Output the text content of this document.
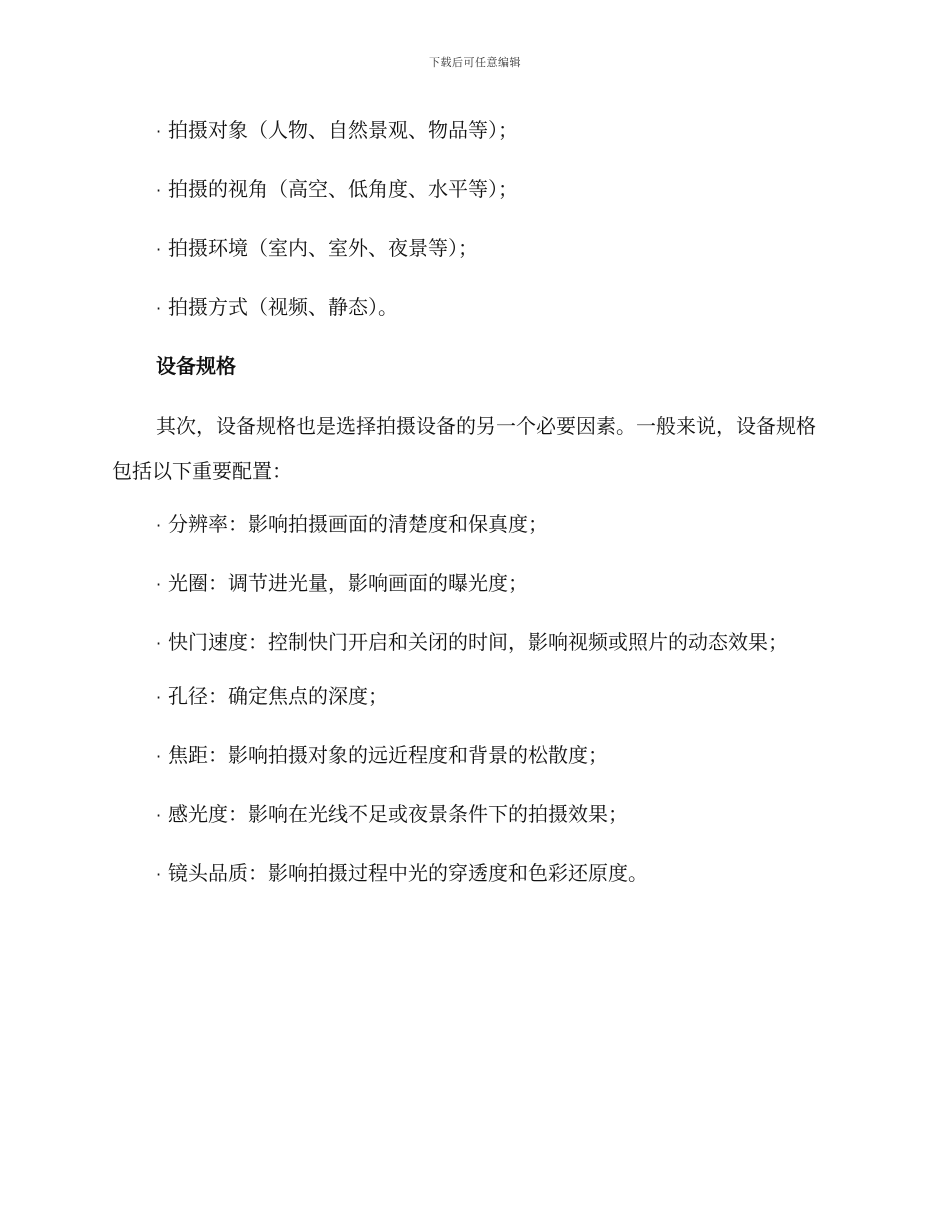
下载后可任意编辑
· 拍摄对象（人物、自然景观、物品等）；
· 拍摄的视角（高空、低角度、水平等）；
· 拍摄环境（室内、室外、夜景等）；
· 拍摄方式（视频、静态）。
设备规格
其次，设备规格也是选择拍摄设备的另一个必要因素。一般来说，设备规格包括以下重要配置：
· 分辨率：影响拍摄画面的清楚度和保真度；
· 光圈：调节进光量，影响画面的曝光度；
· 快门速度：控制快门开启和关闭的时间，影响视频或照片的动态效果；
· 孔径：确定焦点的深度；
· 焦距：影响拍摄对象的远近程度和背景的松散度；
· 感光度：影响在光线不足或夜景条件下的拍摄效果；
· 镜头品质：影响拍摄过程中光的穿透度和色彩还原度。
